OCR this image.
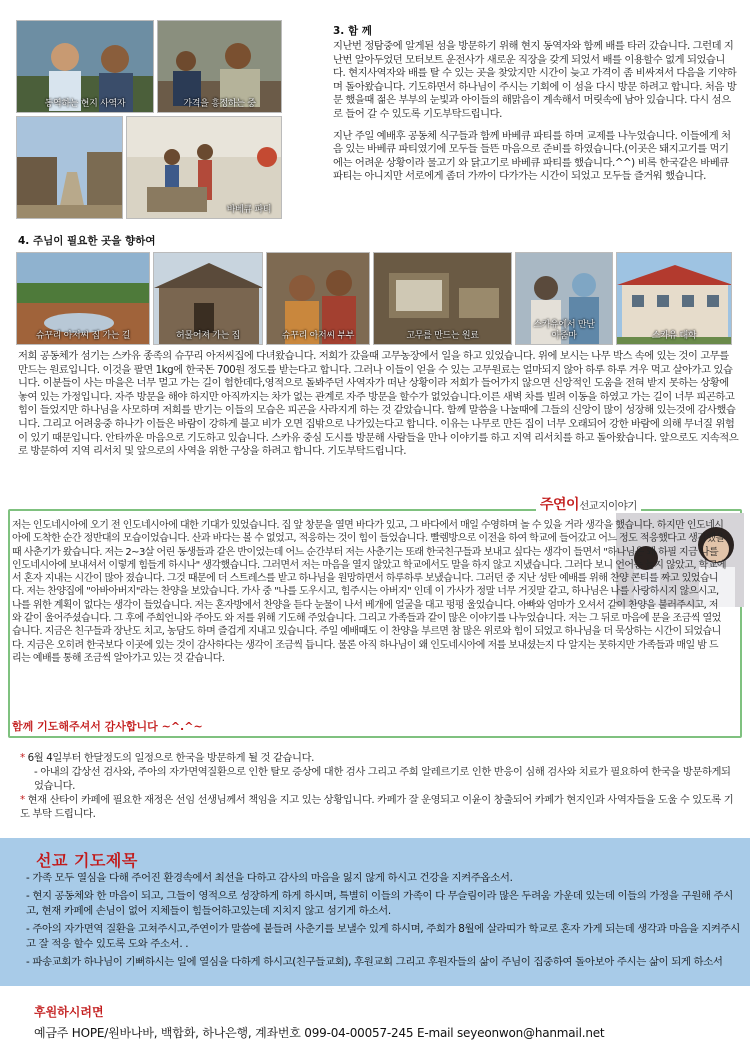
동역하는 현지 사역자	가격을 흥정하는 중
바베큐 파티
3. 함 께

지난번 정탐중에 알게된 섬을 방문하기 위해 현지 동역자와 함께 배를 타러 갔습니다. 그런데 지난번 알아두었던 모터보트 운전사가 새로운 직장을 갖게 되었서 배를 이용할수 없게 되었습니다. 현지사역자와 배를 탈 수 있는 곳을 찾았지만 시간이 늦고 가격이 좀 비싸져서 다음을 기약하며 돌아왔습니다. 기도하면서 하나님이 주시는 기회에 이 섬을 다시 방문 하려고 합니다. 처음 방문 했을때 젊은 부부의 눈빛과 아이들의 해맑음이 계속해서 머릿속에 남아 있습니다. 다시 섬으로 들어 갈 수 있도록 기도부탁드립니다.

지난 주일 예배후 공동체 식구들과 함께 바베큐 파티를 하며 교제를 나누었습니다. 이들에게 처음 있는 바베큐 파티였기에 모두들 들뜬 마음으로 준비를 하였습니다.(이곳은 돼지고기를 먹기에는 어려운 상황이라 물고기 와 닭고기로 바베큐 파티를 했습니다.^^) 비록 한국같은 바베큐파티는 아니지만 서로에게 좀더 가까이 다가가는 시간이 되었고 모두들 즐거워 했습니다.

4. 주님이 필요한 곳을 향하여
슈꾸리 아저씨 집 가는 길	허물어져 가는 집	슈꾸리 아저씨 부부	고무를 만드는 원료
스카유에서 만난
아줌마	스카유 대학
저희 공동체가 섬기는 스카유 종족의 슈꾸리 아저씨집에 다녀왔습니다. 저희가 갔을때 고무농장에서 일을 하고 있었습니다. 위에 보시는 나무 박스 속에 있는 것이 고무를 만드는 원료입니다. 이것을 팔면 1kg에 한국돈 700원 정도를 받는다고 합니다. 그러나 이들이 얻을 수 있는 고무원료는 얼마되지 않아 하루 하루 겨우 먹고 살아가고 있습니다. 이분들이 사는 마을은 너무 멀고 가는 길이 험한데다,영적으로 돌봐주던 사역자가 떠난 상황이라 저희가 들어가지 않으면 신앙적인 도움을 전혀 받지 못하는 상황에 놓여 있는 가정입니다. 자주 방문을 해야 하지만 아직까지는 차가 없는 관계로 자주 방문을 할수가 없었습니다.이른 새벽 차를 빌려 이동을 하였고 가는 길이 너무 피곤하고 힘이 들었지만 하나님을 사모하며 저희를 반기는 이들의 모습은 피곤을 사라지게 하는 것 같았습니다. 함께 말씀을 나눌때에 그들의 신앙이 많이 성장해 있는것에 감사했습니다. 그리고 어려웅중 하나가 이들은 바람이 강하게 불고 비가 오면 집밖으로 나가있는다고 합니다. 이유는 나무로 만든 집이 너무 오래되어 강한 바람에 의해 무너질 위험이 있기 때문입니다. 안타까운 마음으로 기도하고 있습니다. 스카유 중심 도시를 방문해 사람들을 만나 이야기를 하고 지역 리서치를 하고 돌아왔습니다. 앞으로도 지속적으로 방문하여 지역 리서치 및 앞으로의 사역을 위한 구상을 하려고 합니다. 기도부탁드립니다.
주연이선교지이야기
저는 인도네시아에 오기 전 인도네시아에 대한 기대가 있었습니다. 집 앞 창문을 열면 바다가 있고, 그 바다에서 매일 수영하며 놀 수 있을 거라 생각을 했습니다. 하지만 인도네시아에 도착한 순간 정반대의 모습이었습니다. 산과 바다는 볼 수 없었고, 적응하는 것이 힘이 들었습니다. 빨렘방으로 이전을 하여 학교에 들어갔고 어느 정도 적응했다고 생각했을 때 사춘기가 왔습니다. 저는 2~3살 어린 동생들과 같은 반이었는데 어느 순간부터 저는 사춘기는 또래 한국친구들과 보내고 싶다는 생각이 들면서 "하나님은 왜 하필 지금 나를 인도네시아에 보내셔서 이렇게 힘들게 하시나" 생각했습니다. 그러면서 저는 마음을 열지 않았고 학교에서도 말을 하지 않고 지냈습니다. 그러다 보니 언어는 늘지 않았고, 학교에서 혼자 지내는 시간이 많아 졌습니다. 그것 때문에 더 스트레스를 받고 하나님을 원망하면서 하루하루 보냈습니다. 그러던 중 지난 성탄 예배를 위해 찬양 콘티를 짜고 있었습니다. 저는 찬양집에 "아바아버지"라는 찬양을 보았습니다. 가사 중 "나를 도우시고, 힘주시는 아버지" 인데 이 가사가 정말 너무 거짓말 같고, 하나님은 나를 사랑하시지 않으시고, 나를 위한 계획이 없다는 생각이 들었습니다. 저는 혼자방에서 찬양을 듣다 눈물이 나서 베개에 얼굴을 대고 펑펑 울었습니다. 아빠와 엄마가 오셔서 같이 찬양을 불러주시고, 저와 같이 울어주셨습니다. 그 후에 주희언니와 주아도 와 저를 위해 기도해 주었습니다. 그리고 가족들과 같이 많은 이야기를 나누었습니다. 저는 그 뒤로 마음에 문을 조금씩 열었습니다. 지금은 친구들과 장난도 치고, 농담도 하며 즐겁게 지내고 있습니다. 주일 예배때도 이 찬양을 부르면 참 많은 위로와 힘이 되었고 하나님을 더 묵상하는 시간이 되었습니다. 지금은 오히려 한국보다 이곳에 있는 것이 감사하다는 생각이 조금씩 듭니다. 물론 아직 하나님이 왜 인도네시아에 저를 보내셨는지 다 알지는 못하지만 가족들과 매일 밤 드리는 예배를 통해 조금씩 알아가고 있는 것 같습니다.
함께 기도해주셔서 감사합니다 ~^.^~
* 6월 4일부터 한달정도의 일정으로 한국을 방문하게 될 것 같습니다.
- 아내의 갑상선 검사와, 주아의 자가면역질환으로 인한 탈모 증상에 대한 검사 그리고 주희 알레르기로 인한 반응이 심해 검사와 치료가 필요하여 한국을 방문하게되었습니다.
* 현재 산타이 카페에 필요한 재정은 선임 선생님께서 책임을 지고 있는 상황입니다. 카페가 잘 운영되고 이윤이 창출되어 카페가 현지인과 사역자들을 도울 수 있도록 기도 부탁 드립니다.
선교 기도제목
- 가족 모두 열심을 다해 주어진 환경속에서 최선을 다하고 감사의 마음을 잃지 않게 하시고 건강을 지켜주옵소서.
- 현지 공동체와 한 마음이 되고, 그들이 영적으로 성장하게 하게 하시며, 특별히 이들의 가족이 다 무슬림이라 많은 두려움 가운데 있는데 이들의 가정을 구원해 주시고, 현재 카페에 손님이 없어 지체들이 힘들어하고있는데 지치지 않고 섬기게 하소서.
- 주아의 자가면역 질환을 고쳐주시고,주연이가 말씀에 붙들려 사춘기를 보낼수 있게 하시며, 주희가 8월에 살라띠가 학교로 혼자 가게 되는데 생각과 마음을 지켜주시고 잘 적응 할수 있도록 도와 주소서. .
- 파송교회가 하나님이 기뻐하시는 일에 열심을 다하게 하시고(친구들교회), 후원교회 그리고 후원자들의 삶이 주님이 집중하여 돌아보아 주시는 삶이 되게 하소서
후원하시려면
예금주 HOPE/원바나바, 백합화, 하나은행, 계좌번호 099-04-00057-245 E-mail seyeonwon@hanmail.net
